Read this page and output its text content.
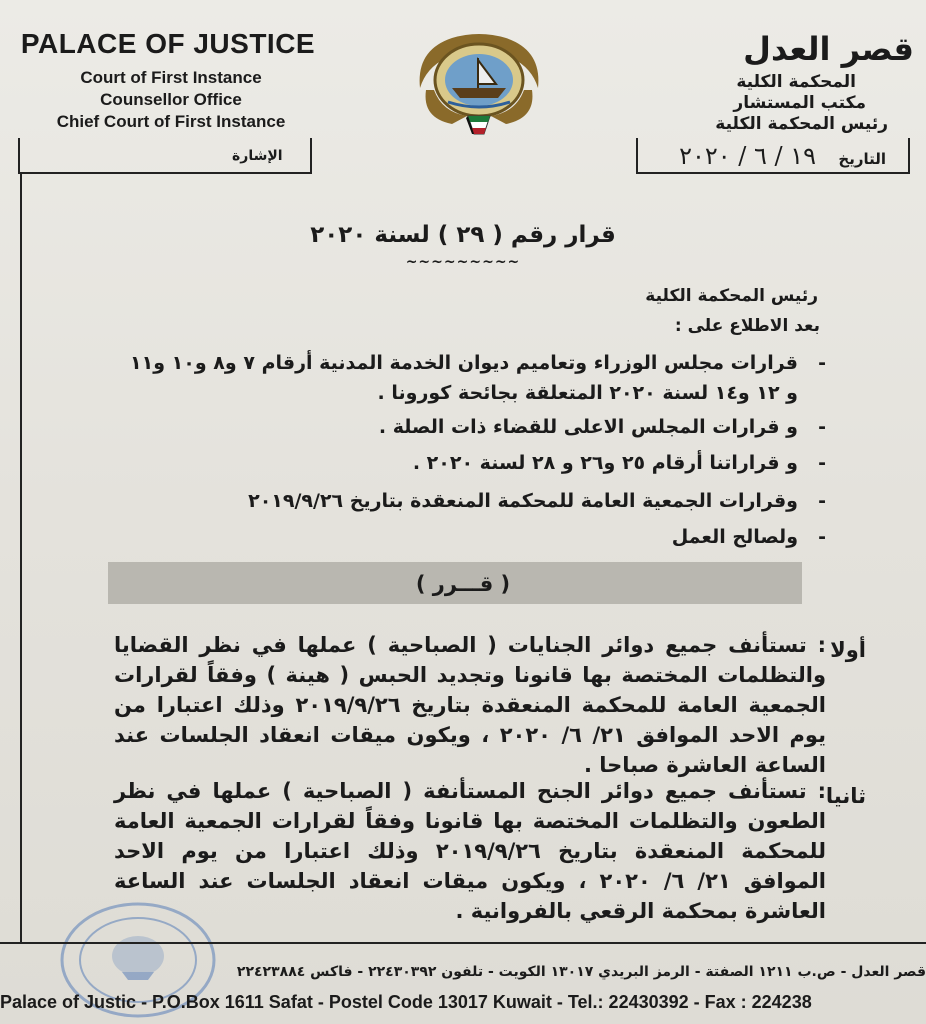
PALACE OF JUSTICE
Court of First Instance
Counsellor Office
Chief Court of First Instance
قصر العدل
المحكمة الكلية
مكتب المستشار
رئيس المحكمة الكلية
الإشارة	التاريخ
١٩ / ٦ / ٢٠٢٠
قرار رقم ( ٢٩ ) لسنة ٢٠٢٠
~~~~~~~~~
رئيس المحكمة الكلية
بعد الاطلاع على :
-
قرارات مجلس الوزراء وتعاميم ديوان الخدمة المدنية أرقام ٧ و٨ و١٠ و١١ و ١٢ و١٤ لسنة ٢٠٢٠ المتعلقة بجائحة كورونا .
-
و قرارات المجلس الاعلى للقضاء ذات الصلة .
-
و قراراتنا أرقام ٢٥ و٢٦ و ٢٨ لسنة ٢٠٢٠ .
-
وقرارات الجمعية العامة للمحكمة المنعقدة بتاريخ ٢٠١٩/٩/٢٦
-
ولصالح العمل
( قـــرر )
أولا
: تستأنف جميع دوائر الجنايات ( الصباحية ) عملها في نظر القضايا والتظلمات المختصة بها قانونا وتجديد الحبس ( هينة ) وفقاً لقرارات الجمعية العامة للمحكمة المنعقدة بتاريخ ٢٠١٩/٩/٢٦ وذلك اعتبارا من يوم الاحد الموافق ٢١/ ٦/ ٢٠٢٠ ، ويكون ميقات انعقاد الجلسات عند الساعة العاشرة صباحا .
ثانيا
: تستأنف جميع دوائر الجنح المستأنفة ( الصباحية ) عملها في نظر الطعون والتظلمات المختصة بها قانونا وفقاً لقرارات الجمعية العامة للمحكمة المنعقدة بتاريخ ٢٠١٩/٩/٢٦ وذلك اعتبارا من يوم الاحد الموافق ٢١/ ٦/ ٢٠٢٠ ، ويكون ميقات انعقاد الجلسات عند الساعة العاشرة بمحكمة الرقعي بالفروانية .
قصر العدل - ص.ب ١٢١١ الصفتة - الرمز البريدي ١٣٠١٧ الكويت - تلفون ٢٢٤٣٠٣٩٢ - فاكس ٢٢٤٢٣٨٨٤
Palace of Justic - P.O.Box 1611 Safat - Postel Code 13017 Kuwait - Tel.: 22430392 - Fax : 224238
